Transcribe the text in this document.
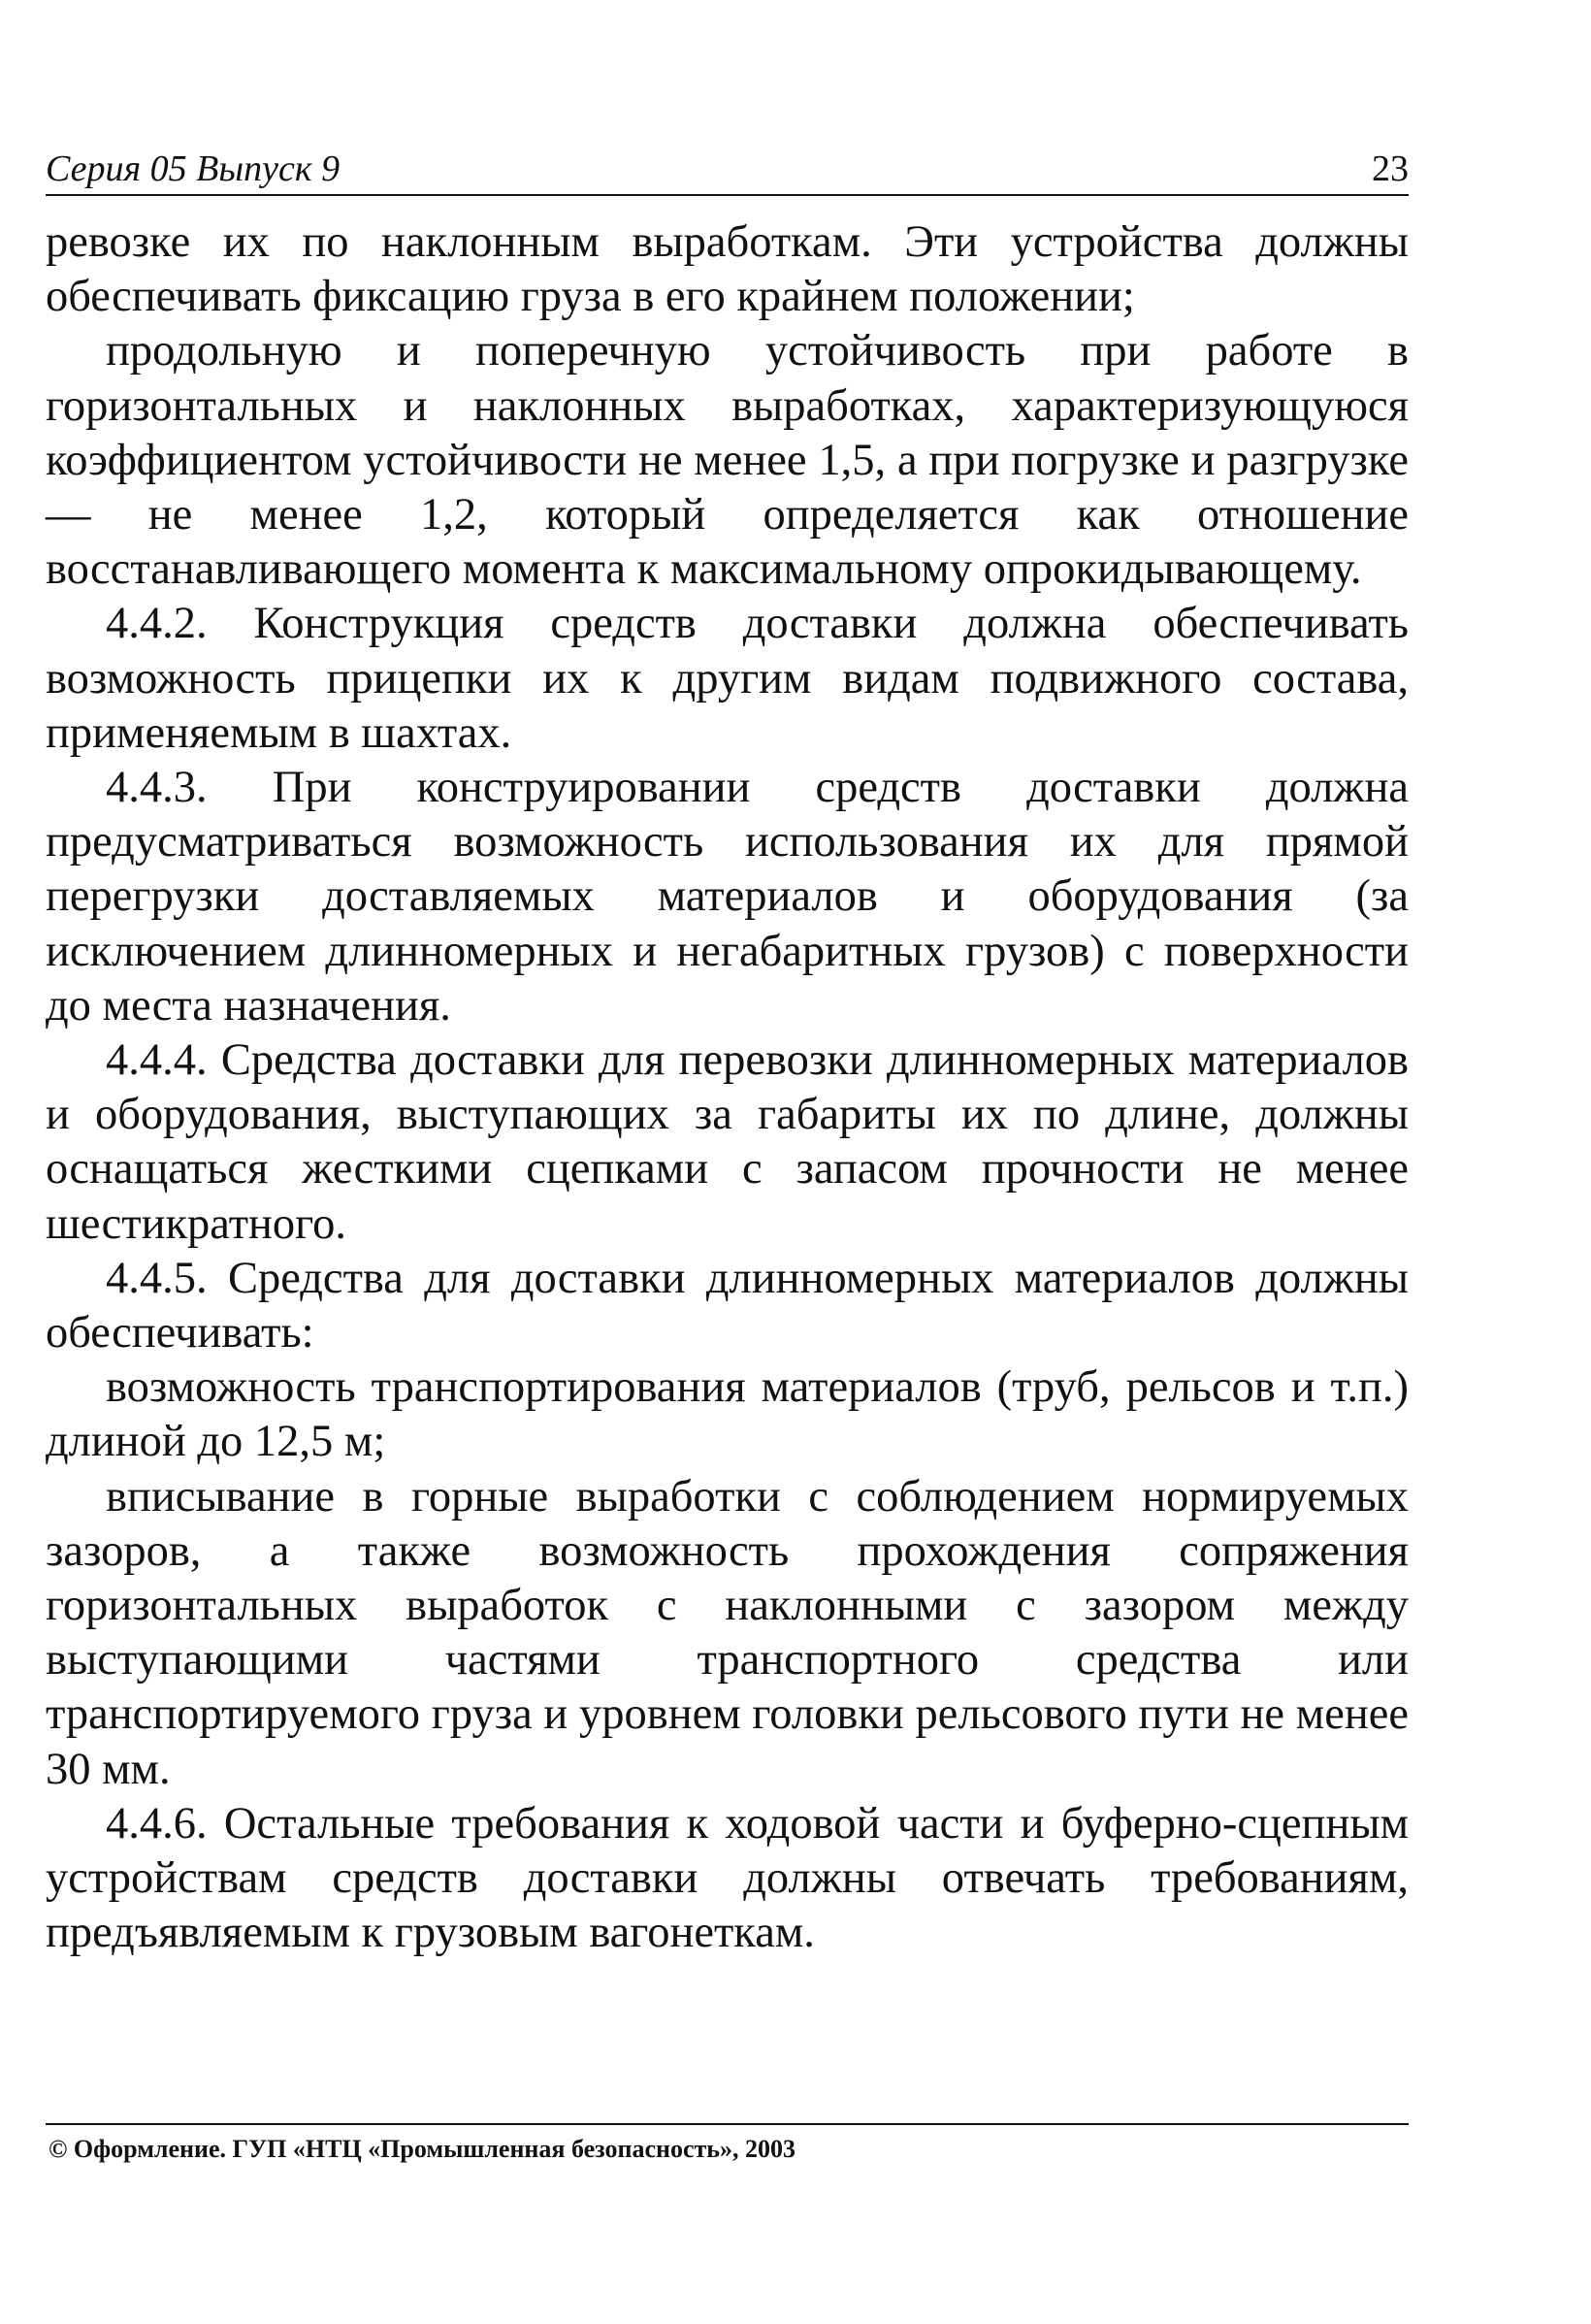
Серия 05 Выпуск 9	23

ревозке их по наклонным выработкам. Эти устройства должны обеспечивать фиксацию груза в его крайнем положении;

продольную и поперечную устойчивость при работе в горизонтальных и наклонных выработках, характеризующуюся коэффициентом устойчивости не менее 1,5, а при погрузке и разгрузке — не менее 1,2, который определяется как отношение восстанавливающего момента к максимальному опрокидывающему.

4.4.2. Конструкция средств доставки должна обеспечивать возможность прицепки их к другим видам подвижного состава, применяемым в шахтах.

4.4.3. При конструировании средств доставки должна предусматриваться возможность использования их для прямой перегрузки доставляемых материалов и оборудования (за исключением длинномерных и негабаритных грузов) с поверхности до места назначения.

4.4.4. Средства доставки для перевозки длинномерных материалов и оборудования, выступающих за габариты их по длине, должны оснащаться жесткими сцепками с запасом прочности не менее шестикратного.

4.4.5. Средства для доставки длинномерных материалов должны обеспечивать:

возможность транспортирования материалов (труб, рельсов и т.п.) длиной до 12,5 м;

вписывание в горные выработки с соблюдением нормируемых зазоров, а также возможность прохождения сопряжения горизонтальных выработок с наклонными с зазором между выступающими частями транспортного средства или транспортируемого груза и уровнем головки рельсового пути не менее 30 мм.

4.4.6. Остальные требования к ходовой части и буферно-сцепным устройствам средств доставки должны отвечать требованиям, предъявляемым к грузовым вагонеткам.

© Оформление. ГУП «НТЦ «Промышленная безопасность», 2003
